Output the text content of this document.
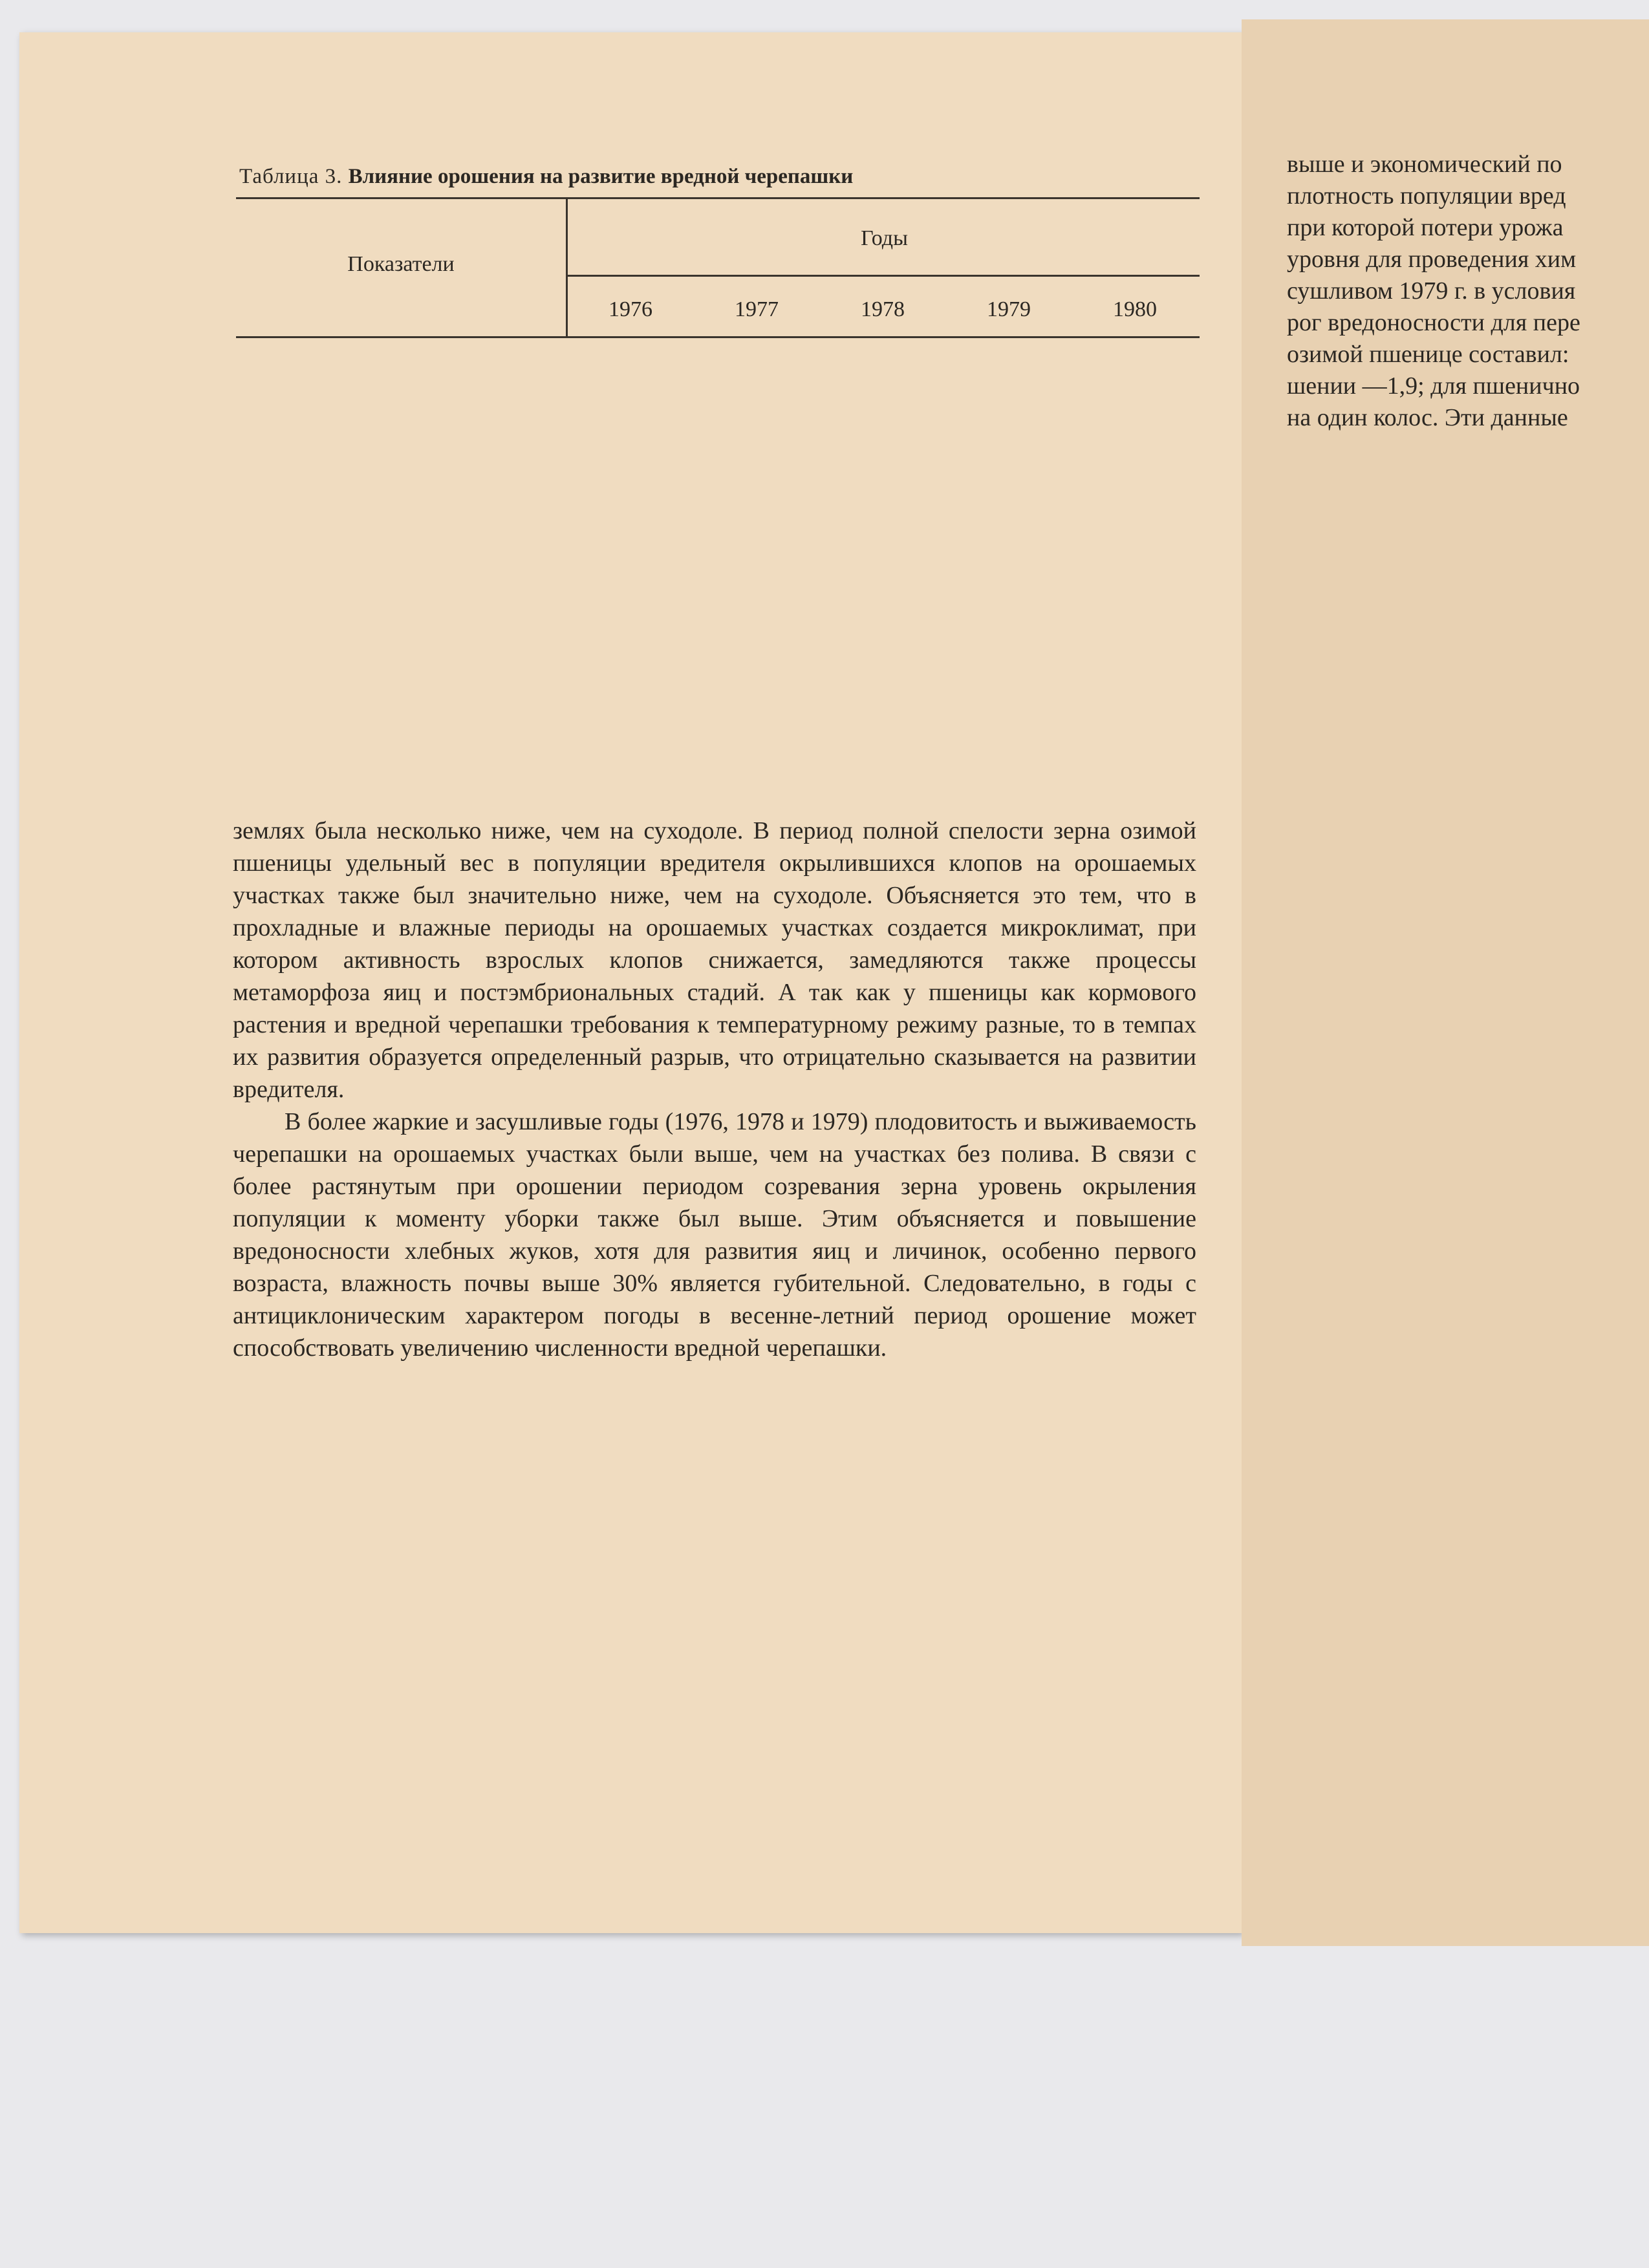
Таблица 3. Влияние орошения на развитие вредной черепашки
Показатели
Годы
1976	1977	1978	1979	1980

землях была несколько ниже, чем на суходоле. В период полной спелости зерна озимой пшеницы удельный вес в популяции вредителя окрылившихся клопов на орошаемых участках также был значительно ниже, чем на суходоле. Объясняется это тем, что в прохладные и влажные периоды на орошаемых участках создается микроклимат, при котором активность взрослых клопов снижается, замедляются также процессы метаморфоза яиц и постэмбриональных стадий. А так как у пшеницы как кормового растения и вредной черепашки требования к температурному режиму разные, то в темпах их развития образуется определенный разрыв, что отрицательно сказывается на развитии вредителя.

В более жаркие и засушливые годы (1976, 1978 и 1979) плодовитость и выживаемость черепашки на орошаемых участках были выше, чем на участках без полива. В связи с более растянутым при орошении периодом созревания зерна уровень окрыления популяции к моменту уборки также был выше. Этим объясняется и повышение вредоносности хлебных жуков, хотя для развития яиц и личинок, особенно первого возраста, влажность почвы выше 30% является губительной. Следовательно, в годы с антициклоническим характером погоды в весенне-летний период орошение может способствовать увеличению численности вредной черепашки.

выше и экономический по
плотность популяции вред
при которой потери урожа
уровня для проведения хим
сушливом 1979 г. в условия
рог вредоносности для пере
озимой пшенице составил:
шении —1,9; для пшенично
на один колос. Эти данные
